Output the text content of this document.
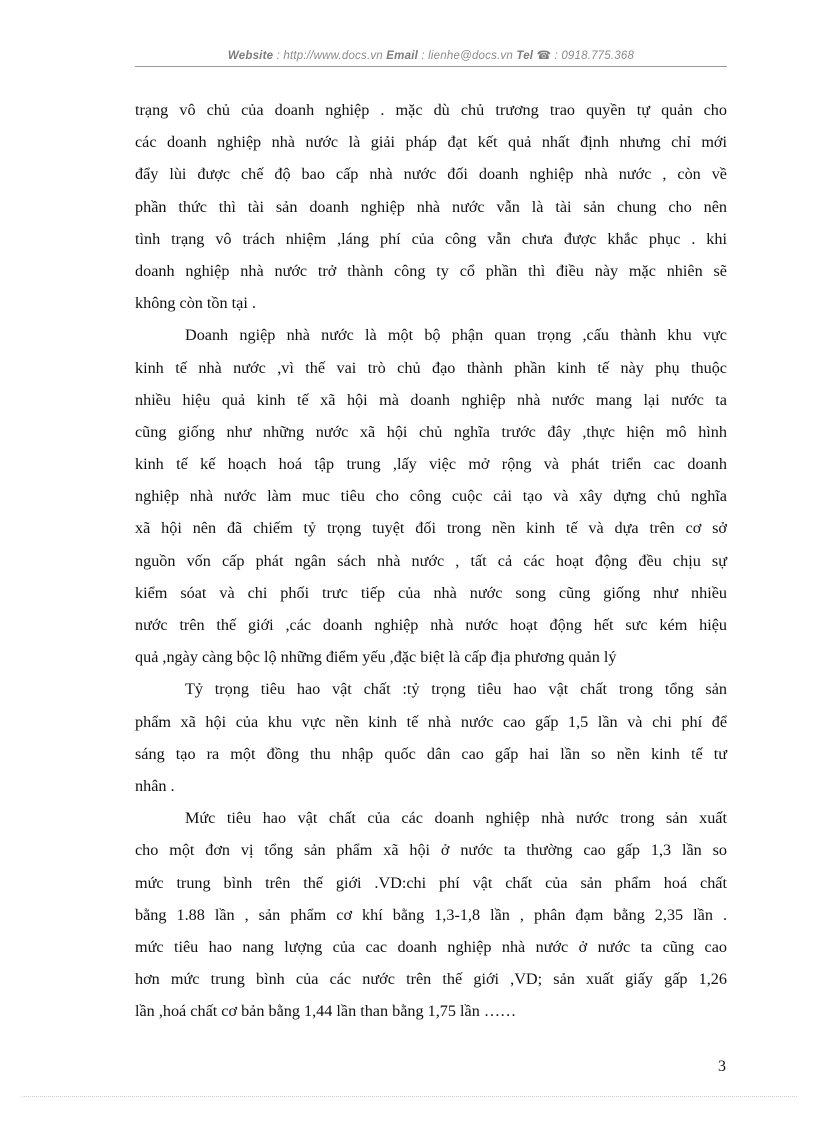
Website : http://www.docs.vn Email : lienhe@docs.vn Tel ☎ : 0918.775.368
trạng vô chủ của doanh nghiệp . mặc dù chủ trương trao quyền tự quản cho
các doanh nghiệp nhà nước là giải pháp đạt kết quả nhất định nhưng chỉ mới
đẩy lùi được chế độ bao cấp nhà nước đối doanh nghiệp nhà nước , còn về
phần thức thì tài sản doanh nghiệp nhà nước vẫn là tài sản chung cho nên
tình trạng vô trách nhiệm ,láng phí của công vẫn chưa được khắc phục . khi
doanh nghiệp nhà nước trở thành công ty cổ phần thì điều này mặc nhiên sẽ
không còn tồn tại .
Doanh ngiệp nhà nước là một bộ phận quan trọng ,cấu thành khu vực
kinh tế nhà nước ,vì thế vai trò chủ đạo thành phần kinh tế này phụ thuộc
nhiều hiệu quả kinh tế xã hội mà doanh nghiệp nhà nước mang lại nước ta
cũng giống như những nước xã hội chủ nghĩa trước đây ,thực hiện mô hình
kinh tế kế hoạch hoá tập trung ,lấy việc mở rộng và phát triển cac doanh
nghiệp nhà nước làm muc tiêu cho công cuộc cải tạo và xây dựng chủ nghĩa
xã hội nên đã chiếm tỷ trọng tuyệt đối trong nền kinh tế và dựa trên cơ sở
nguồn vốn cấp phát ngân sách nhà nước , tất cả các hoạt động đều chịu sự
kiểm sóat và chi phối trưc tiếp của nhà nước song cũng giống như nhiều
nước trên thế giới ,các doanh nghiệp nhà nước hoạt động hết sưc kém hiệu
quả ,ngày càng bộc lộ những điểm yếu ,đặc biệt là cấp địa phương quản lý
Tỷ trọng tiêu hao vật chất :tỷ trọng tiêu hao vật chất trong tổng sản
phẩm xã hội của khu vực nền kinh tế nhà nước cao gấp 1,5 lần và chi phí để
sáng tạo ra một đồng thu nhập quốc dân cao gấp hai lần so nền kinh tế tư
nhân .
Mức tiêu hao vật chất của các doanh nghiệp nhà nước trong sản xuất
cho một đơn vị tổng sản phẩm xã hội ở nước ta thường cao gấp 1,3 lần so
mức trung bình trên thế giới .VD:chi phí vật chất của sản phẩm hoá chất
bằng 1.88 lần , sản phẩm cơ khí bằng 1,3-1,8 lần , phân đạm bằng 2,35 lần .
mức tiêu hao nang lượng của cac doanh nghiệp nhà nước ở nước ta cũng cao
hơn mức trung bình của các nước trên thế giới ,VD; sản xuất giấy gấp 1,26
lần ,hoá chất cơ bản bằng 1,44 lần than bằng 1,75 lần ……
3
